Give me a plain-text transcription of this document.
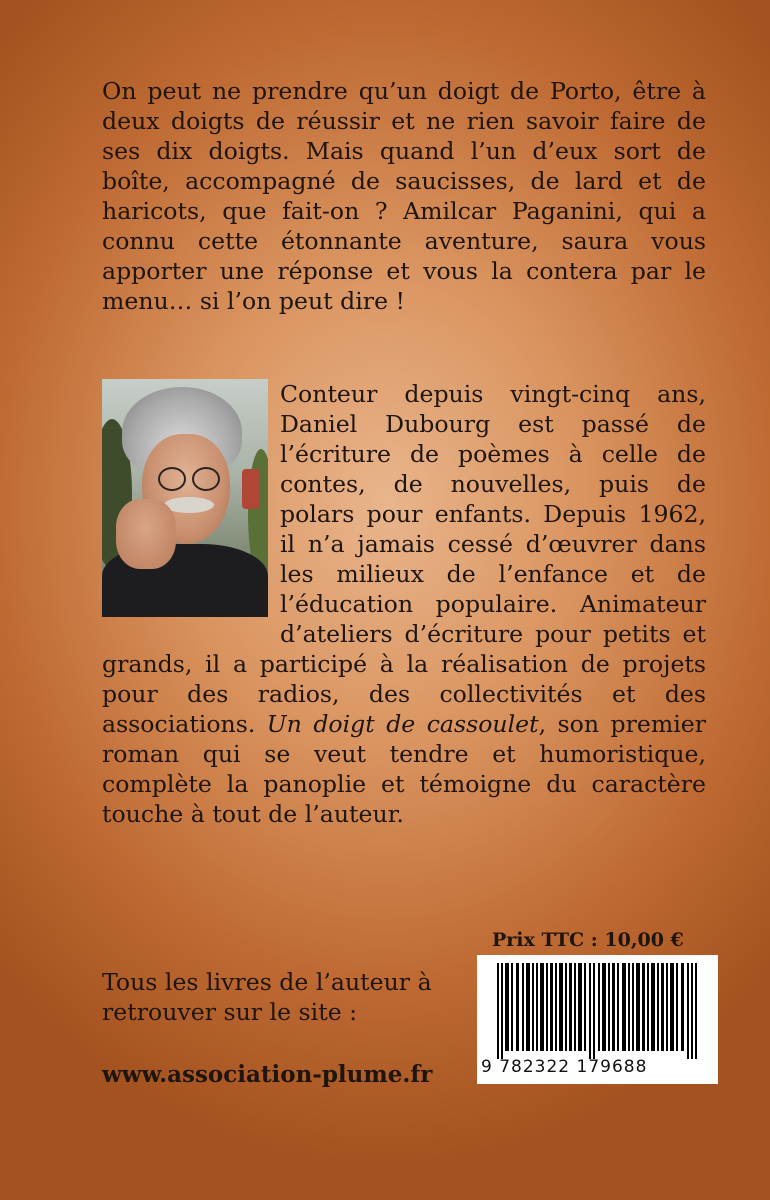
On peut ne prendre qu’un doigt de Porto, être à deux doigts de réussir et ne rien savoir faire de ses dix doigts. Mais quand l’un d’eux sort de boîte, accompagné de saucisses, de lard et de haricots, que fait-on ? Amilcar Paganini, qui a connu cette étonnante aventure, saura vous apporter une réponse et vous la contera par le menu… si l’on peut dire !

Conteur depuis vingt-cinq ans, Daniel Dubourg est passé de l’écriture de poèmes à celle de contes, de nouvelles, puis de polars pour enfants. Depuis 1962, il n’a jamais cessé d’œuvrer dans les milieux de l’enfance et de l’éducation populaire. Animateur d’ateliers d’écriture pour petits et grands, il a participé à la réalisation de projets pour des radios, des collectivités et des associations. Un doigt de cassoulet, son premier roman qui se veut tendre et humoristique, complète la panoplie et témoigne du caractère touche à tout de l’auteur.
Prix TTC : 10,00 €
Tous les livres de l’auteur à retrouver sur le site :
www.association-plume.fr	9 782322 179688
